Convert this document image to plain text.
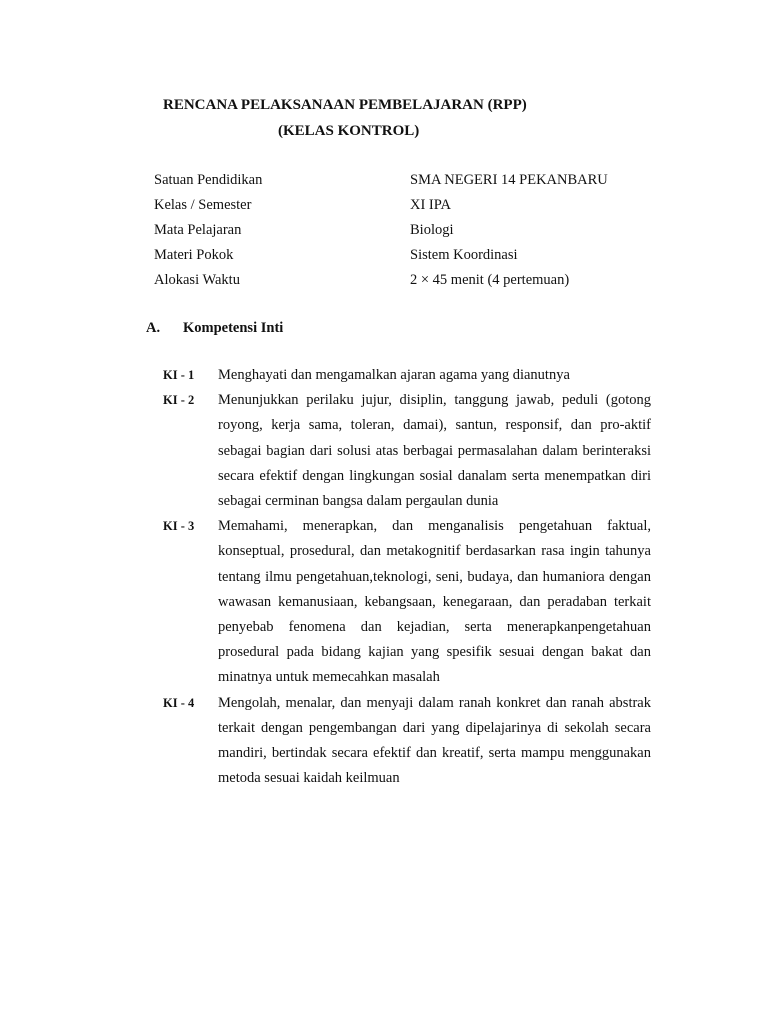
RENCANA PELAKSANAAN PEMBELAJARAN (RPP)
(KELAS KONTROL)
Satuan Pendidikan	SMA NEGERI 14 PEKANBARU
Kelas / Semester	XI IPA
Mata Pelajaran	Biologi
Materi Pokok	Sistem Koordinasi
Alokasi Waktu	2 × 45 menit (4 pertemuan)
A.	Kompetensi Inti
KI - 1	Menghayati dan mengamalkan ajaran agama yang dianutnya
KI - 2	Menunjukkan perilaku jujur, disiplin, tanggung jawab, peduli (gotong royong, kerja sama, toleran, damai), santun, responsif, dan pro-aktif sebagai bagian dari solusi atas berbagai permasalahan dalam berinteraksi secara efektif dengan lingkungan sosial danalam serta menempatkan diri sebagai cerminan bangsa dalam pergaulan dunia
KI - 3	Memahami, menerapkan, dan menganalisis pengetahuan faktual, konseptual, prosedural, dan metakognitif berdasarkan rasa ingin tahunya tentang ilmu pengetahuan,teknologi, seni, budaya, dan humaniora dengan wawasan kemanusiaan, kebangsaan, kenegaraan, dan peradaban terkait penyebab fenomena dan kejadian, serta menerapkanpengetahuan prosedural pada bidang kajian yang spesifik sesuai dengan bakat dan minatnya untuk memecahkan masalah
KI - 4	Mengolah, menalar, dan menyaji dalam ranah konkret dan ranah abstrak terkait dengan pengembangan dari yang dipelajarinya di sekolah secara mandiri, bertindak secara efektif dan kreatif, serta mampu menggunakan metoda sesuai kaidah keilmuan
